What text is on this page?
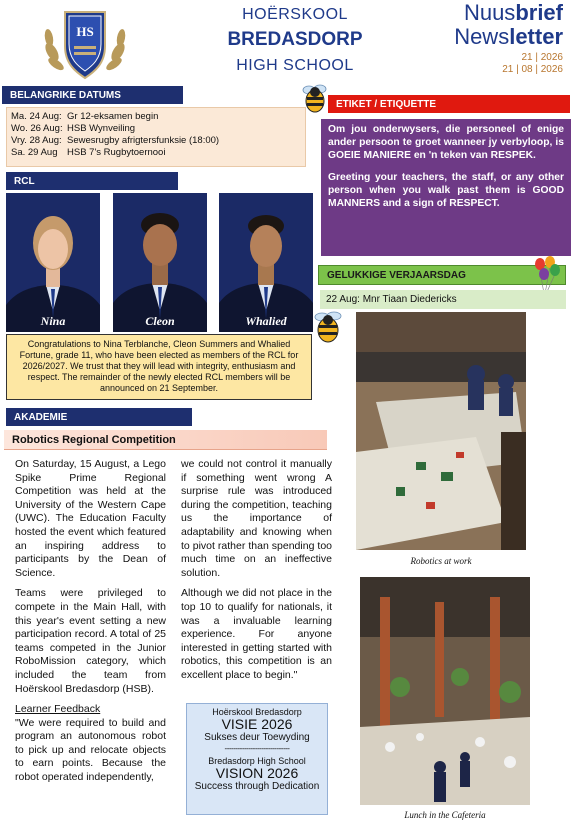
HS
HOËRSKOOL
BREDASDORP
HIGH SCHOOL
Nuusbrief
Newsletter
21 | 2026
21 | 08 | 2026
BELANGRIKE DATUMS
Ma. 24 Aug: Gr 12-eksamen begin
Wo. 26 Aug: HSB Wynveiling
Vry. 28 Aug: Sewesrugby afrigtersfunksie (18:00)
Sa. 29 Aug	HSB 7's Rugbytoernooi
RCL
Nina	Cleon	Whalied
Congratulations to Nina Terblanche, Cleon Summers and Whalied Fortune, grade 11, who have been elected as members of the RCL for 2026/2027. We trust that they will lead with integrity, enthusiasm and respect. The remainder of the newly elected RCL members will be announced on 21 September.
AKADEMIE
Robotics Regional Competition

On Saturday, 15 August, a Lego Spike Prime Regional Competition was held at the University of the Western Cape (UWC). The Education Faculty hosted the event which featured an inspiring address to participants by the Dean of Science.

Teams were privileged to compete in the Main Hall, with this year's event setting a new participation record. A total of 25 teams competed in the Junior RoboMission category, which included the team from Hoërskool Bredasdorp (HSB).

Learner Feedback

"We were required to build and program an autonomous robot to pick up and relocate objects to earn points. Because the robot operated independently,

we could not control it manually if something went wrong A surprise rule was introduced during the competition, teaching us the importance of adaptability and knowing when to pivot rather than spending too much time on an ineffective solution.

Although we did not place in the top 10 to qualify for nationals, it was a invaluable learning experience. For anyone interested in getting started with robotics, this competition is an excellent place to begin."

Hoërskool Bredasdorp
VISIE 2026
Sukses deur Toewyding
------------------------------
Bredasdorp High School
VISION 2026
Success through Dedication
ETIKET / ETIQUETTE

Om jou onderwysers, die personeel of enige ander persoon te groet wanneer jy verbyloop, is GOEIE MANIERE en 'n teken van RESPEK.

Greeting your teachers, the staff, or any other person when you walk past them is GOOD MANNERS and a sign of RESPECT.

GELUKKIGE VERJAARSDAG
22 Aug: Mnr Tiaan Diedericks
Robotics at work
Lunch in the Cafeteria
